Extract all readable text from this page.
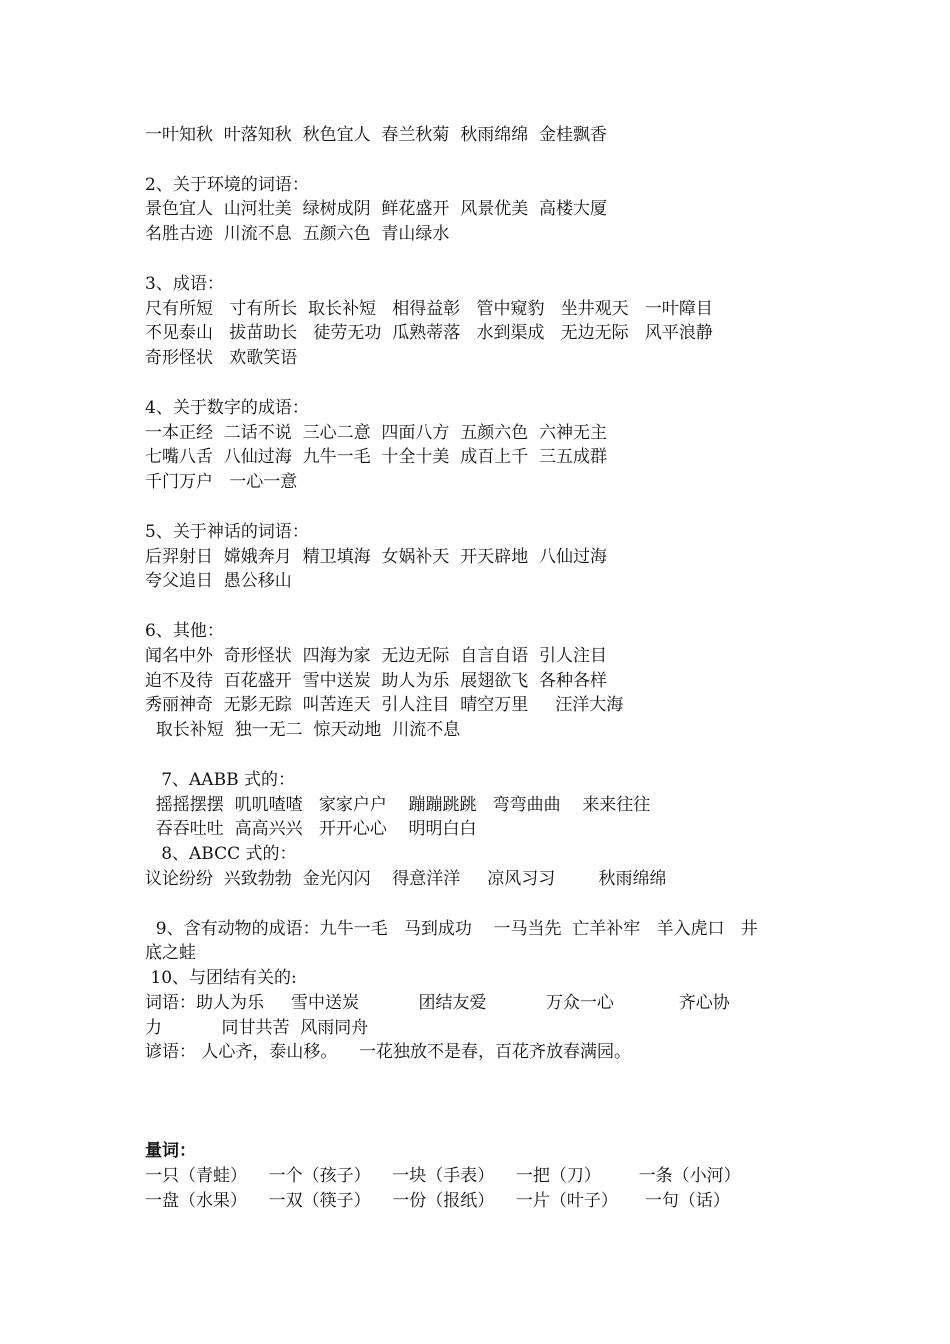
一叶知秋  叶落知秋  秋色宜人  春兰秋菊  秋雨绵绵  金桂飘香
2、关于环境的词语：
景色宜人  山河壮美  绿树成阴  鲜花盛开  风景优美  高楼大厦
名胜古迹  川流不息  五颜六色  青山绿水
3、成语：
尺有所短   寸有所长  取长补短   相得益彰   管中窥豹   坐井观天   一叶障目
不见泰山   拔苗助长   徒劳无功  瓜熟蒂落   水到渠成   无边无际   风平浪静
奇形怪状   欢歌笑语
4、关于数字的成语：
一本正经  二话不说  三心二意  四面八方  五颜六色  六神无主
七嘴八舌  八仙过海  九牛一毛  十全十美  成百上千  三五成群
千门万户   一心一意
5、关于神话的词语：
后羿射日  嫦娥奔月  精卫填海  女娲补天  开天辟地  八仙过海
夸父追日  愚公移山
6、其他：
闻名中外  奇形怪状  四海为家  无边无际  自言自语  引人注目
迫不及待  百花盛开  雪中送炭  助人为乐  展翅欲飞  各种各样
秀丽神奇  无影无踪  叫苦连天  引人注目  晴空万里     汪洋大海
取长补短  独一无二  惊天动地  川流不息
7、AABB 式的：
摇摇摆摆  叽叽喳喳   家家户户    蹦蹦跳跳   弯弯曲曲    来来往往
吞吞吐吐  高高兴兴   开开心心    明明白白
8、ABCC 式的：
议论纷纷  兴致勃勃  金光闪闪    得意洋洋     凉风习习        秋雨绵绵
9、含有动物的成语：九牛一毛   马到成功    一马当先  亡羊补牢   羊入虎口   井
底之蛙
10、与团结有关的:
词语：助人为乐     雪中送炭           团结友爱           万众一心            齐心协
力           同甘共苦  风雨同舟
谚语： 人心齐，泰山移。    一花独放不是春，百花齐放春满园。
量词：
一只（青蛙）    一个（孩子）    一块（手表）    一把（刀）       一条（小河）
一盘（水果）    一双（筷子）    一份（报纸）    一片（叶子）     一句（话）
